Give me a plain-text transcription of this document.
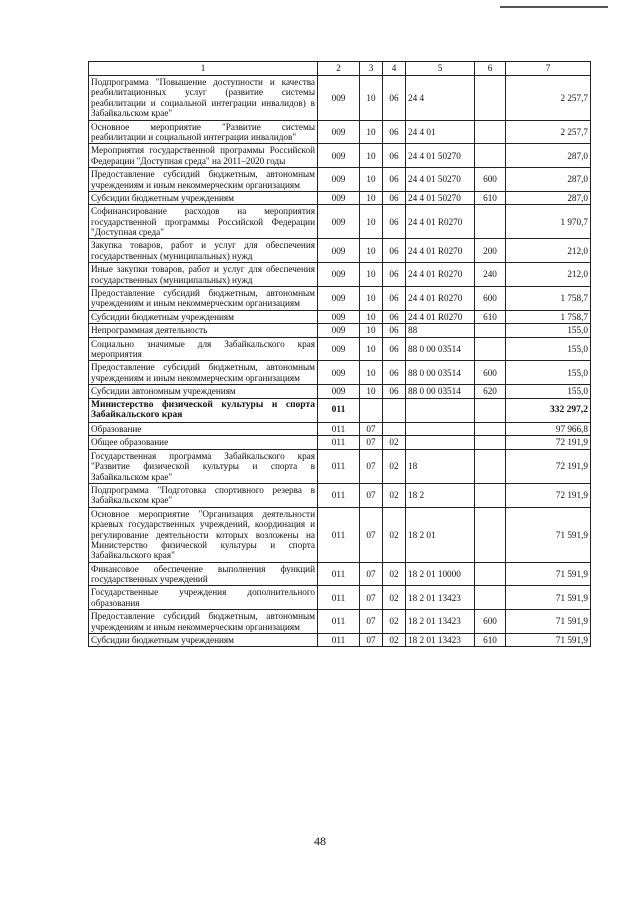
1	2	3	4	5	6	7
Подпрограмма "Повышение доступности и качества реабилитационных услуг (развитие системы реабилитации и социальной интеграции инвалидов) в Забайкальском крае"	009	10	06	24 4		2 257,7
Основное мероприятие "Развитие системы реабилитации и социальной интеграции инвалидов"	009	10	06	24 4 01		2 257,7
Мероприятия государственной программы Российской Федерации "Доступная среда" на 2011–2020 годы	009	10	06	24 4 01 50270		287,0
Предоставление субсидий бюджетным, автономным учреждениям и иным некоммерческим организациям	009	10	06	24 4 01 50270	600	287,0
Субсидии бюджетным учреждениям	009	10	06	24 4 01 50270	610	287,0
Софинансирование расходов на мероприятия государственной программы Российской Федерации "Доступная среда"	009	10	06	24 4 01 R0270		1 970,7
Закупка товаров, работ и услуг для обеспечения государственных (муниципальных) нужд	009	10	06	24 4 01 R0270	200	212,0
Иные закупки товаров, работ и услуг для обеспечения государственных (муниципальных) нужд	009	10	06	24 4 01 R0270	240	212,0
Предоставление субсидий бюджетным, автономным учреждениям и иным некоммерческим организациям	009	10	06	24 4 01 R0270	600	1 758,7
Субсидии бюджетным учреждениям	009	10	06	24 4 01 R0270	610	1 758,7
Непрограммная деятельность	009	10	06	88		155,0
Социально значимые для Забайкальского края мероприятия	009	10	06	88 0 00 03514		155,0
Предоставление субсидий бюджетным, автономным учреждениям и иным некоммерческим организациям	009	10	06	88 0 00 03514	600	155,0
Субсидии автономным учреждениям	009	10	06	88 0 00 03514	620	155,0
Министерство физической культуры и спорта Забайкальского края	011					332 297,2
Образование	011	07				97 966,8
Общее образование	011	07	02			72 191,9
Государственная программа Забайкальского края "Развитие физической культуры и спорта в Забайкальском крае"	011	07	02	18		72 191,9
Подпрограмма "Подготовка спортивного резерва в Забайкальском крае"	011	07	02	18 2		72 191,9
Основное мероприятие "Организация деятельности краевых государственных учреждений, координация и регулирование деятельности которых возложены на Министерство физической культуры и спорта Забайкальского края"	011	07	02	18 2 01		71 591,9
Финансовое обеспечение выполнения функций государственных учреждений	011	07	02	18 2 01 10000		71 591,9
Государственные учреждения дополнительного образования	011	07	02	18 2 01 13423		71 591,9
Предоставление субсидий бюджетным, автономным учреждениям и иным некоммерческим организациям	011	07	02	18 2 01 13423	600	71 591,9
Субсидии бюджетным учреждениям	011	07	02	18 2 01 13423	610	71 591,9
48
